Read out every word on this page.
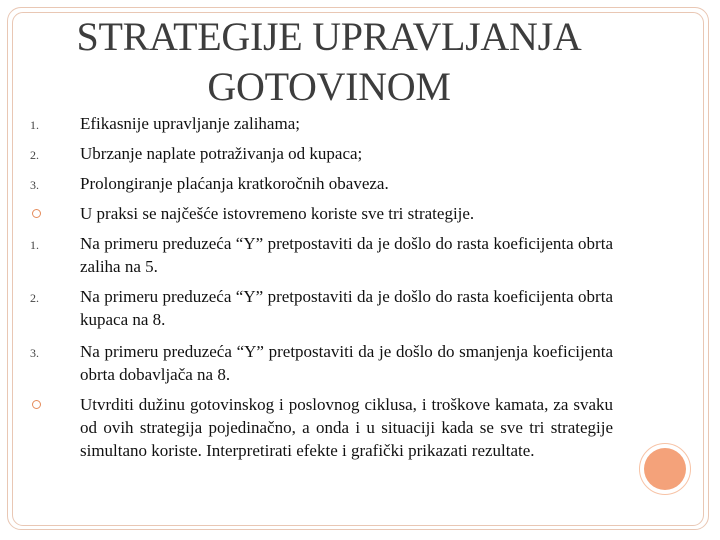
STRATEGIJE UPRAVLJANJA GOTOVINOM
1.	Efikasnije upravljanje zalihama;
2.	Ubrzanje naplate potraživanja od kupaca;
3.	Prolongiranje plaćanja kratkoročnih obaveza.
U praksi se najčešće istovremeno koriste sve tri strategije.
1.	Na primeru preduzeća “Y” pretpostaviti da je došlo do rasta koeficijenta obrta zaliha na 5.
2.	Na primeru preduzeća “Y” pretpostaviti da je došlo do rasta koeficijenta obrta kupaca na 8.
3.	Na primeru preduzeća “Y” pretpostaviti da je došlo do smanjenja koeficijenta obrta dobavljača na 8.
Utvrditi dužinu gotovinskog i poslovnog ciklusa, i troškove kamata, za svaku od ovih strategija pojedinačno, a onda i u situaciji kada se sve tri strategije simultano koriste. Interpretirati efekte i grafički prikazati rezultate.
